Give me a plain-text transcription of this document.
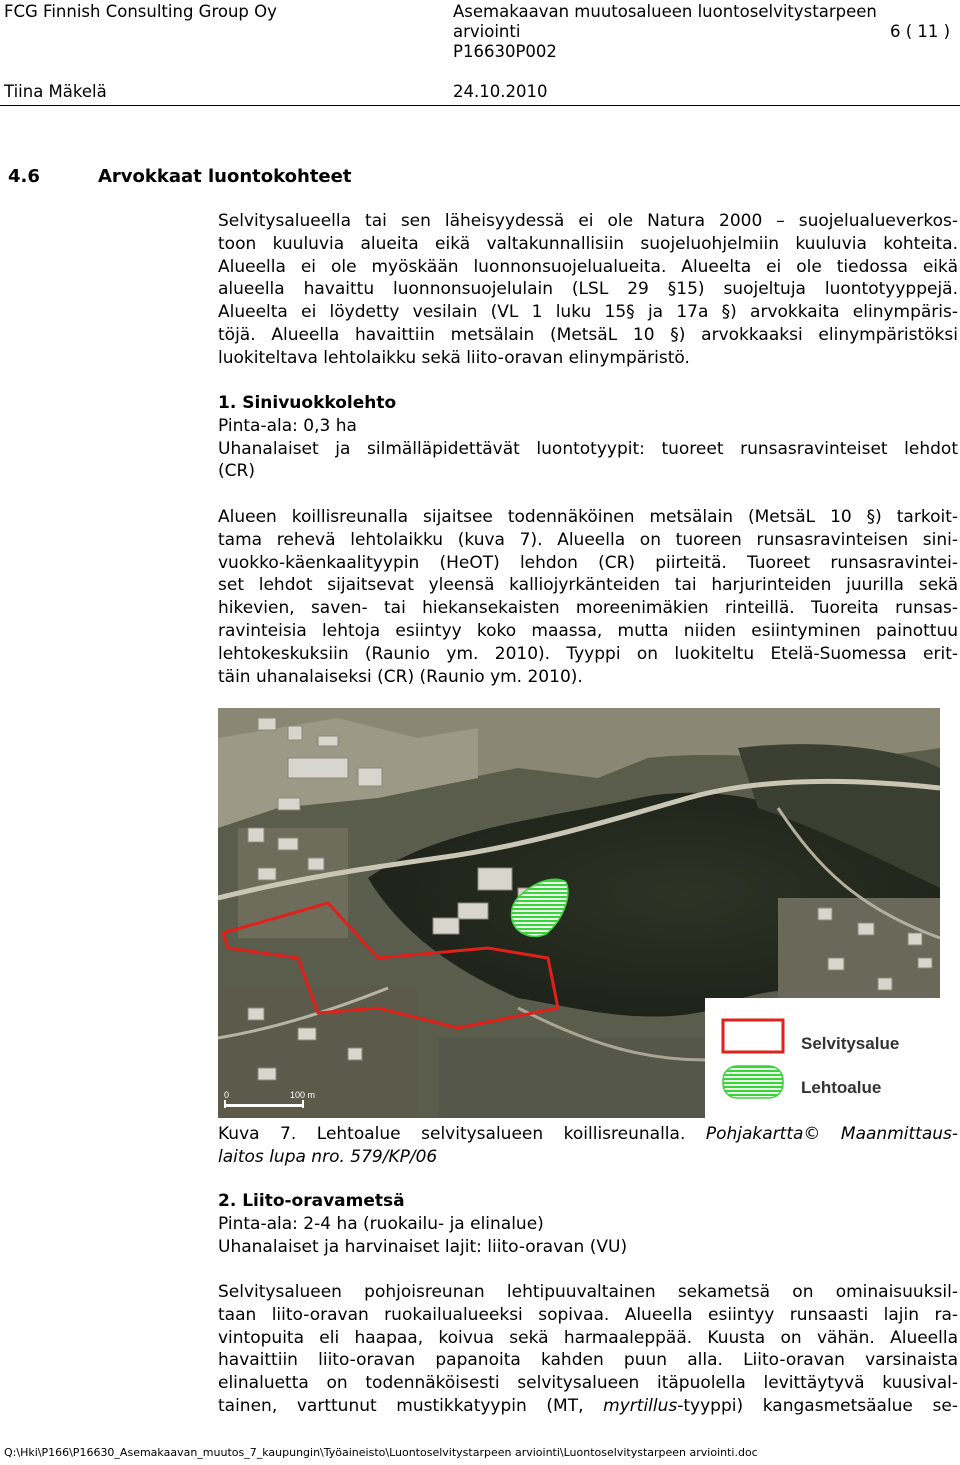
FCG Finnish Consulting Group Oy	Asemakaavan muutosalueen luontoselvitystarpeen
arviointi
P16630P002
6 ( 11 )
Tiina Mäkelä	24.10.2010
4.6	Arvokkaat luontokohteet
Selvitysalueella tai sen läheisyydessä ei ole Natura 2000 – suojelualueverkos-
toon kuuluvia alueita eikä valtakunnallisiin suojeluohjelmiin kuuluvia kohteita.
Alueella ei ole myöskään luonnonsuojelualueita. Alueelta ei ole tiedossa eikä
alueella havaittu luonnonsuojelulain (LSL 29 §15) suojeltuja luontotyyppejä.
Alueelta ei löydetty vesilain (VL 1 luku 15§ ja 17a §) arvokkaita elinympäris-
töjä. Alueella havaittiin metsälain (MetsäL 10 §) arvokkaaksi elinympäristöksi
luokiteltava lehtolaikku sekä liito-oravan elinympäristö.
1. Sinivuokkolehto
Pinta-ala: 0,3 ha
Uhanalaiset ja silmälläpidettävät luontotyypit: tuoreet runsasravinteiset lehdot
(CR)
Alueen koillisreunalla sijaitsee todennäköinen metsälain (MetsäL 10 §) tarkoit-
tama rehevä lehtolaikku (kuva 7). Alueella on tuoreen runsasravinteisen sini-
vuokko-käenkaalityypin (HeOT) lehdon (CR) piirteitä. Tuoreet runsasravintei-
set lehdot sijaitsevat yleensä kalliojyrkänteiden tai harjurinteiden juurilla sekä
hikevien, saven- tai hiekansekaisten moreenimäkien rinteillä. Tuoreita runsas-
ravinteisia lehtoja esiintyy koko maassa, mutta niiden esiintyminen painottuu
lehtokeskuksiin (Raunio ym. 2010). Tyyppi on luokiteltu Etelä-Suomessa erit-
täin uhanalaiseksi (CR) (Raunio ym. 2010).
0	100 m
Selvitysalue
Lehtoalue
Kuva 7. Lehtoalue selvitysalueen koillisreunalla. Pohjakartta© Maanmittaus-
laitos lupa nro. 579/KP/06
2. Liito-oravametsä
Pinta-ala: 2-4 ha (ruokailu- ja elinalue)
Uhanalaiset ja harvinaiset lajit: liito-oravan (VU)
Selvitysalueen pohjoisreunan lehtipuuvaltainen sekametsä on ominaisuuksil-
taan liito-oravan ruokailualueeksi sopivaa. Alueella esiintyy runsaasti lajin ra-
vintopuita eli haapaa, koivua sekä harmaaleppää. Kuusta on vähän. Alueella
havaittiin liito-oravan papanoita kahden puun alla. Liito-oravan varsinaista
elinaluetta on todennäköisesti selvitysalueen itäpuolella levittäytyvä kuusival-
tainen, varttunut mustikkatyypin (MT, myrtillus-tyyppi) kangasmetsäalue se-
Q:\Hki\P166\P16630_Asemakaavan_muutos_7_kaupungin\Työaineisto\Luontoselvitystarpeen arviointi\Luontoselvitystarpeen arviointi.doc
